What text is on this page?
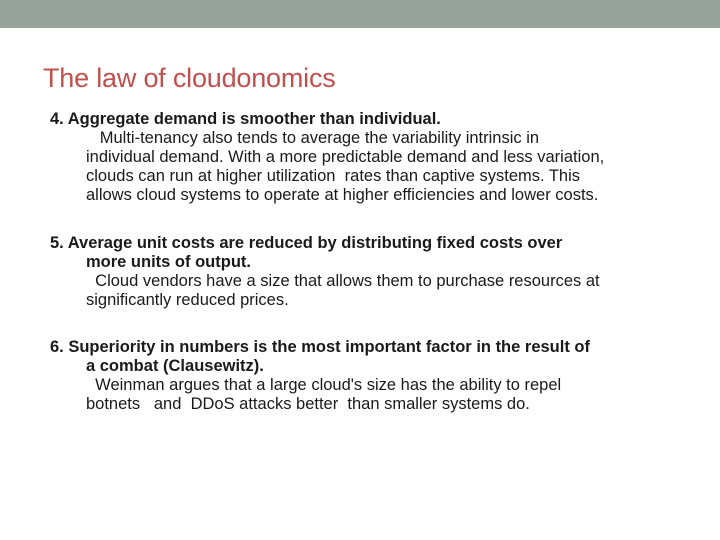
The law of cloudonomics
4. Aggregate demand is smoother than individual.
Multi-tenancy also tends to average the variability intrinsic in
individual demand. With a more predictable demand and less variation,
clouds can run at higher utilization  rates than captive systems. This
allows cloud systems to operate at higher efficiencies and lower costs.
5. Average unit costs are reduced by distributing fixed costs over
more units of output.
Cloud vendors have a size that allows them to purchase resources at
significantly reduced prices.
6. Superiority in numbers is the most important factor in the result of
a combat (Clausewitz).
Weinman argues that a large cloud's size has the ability to repel
botnets   and  DDoS attacks better  than smaller systems do.
